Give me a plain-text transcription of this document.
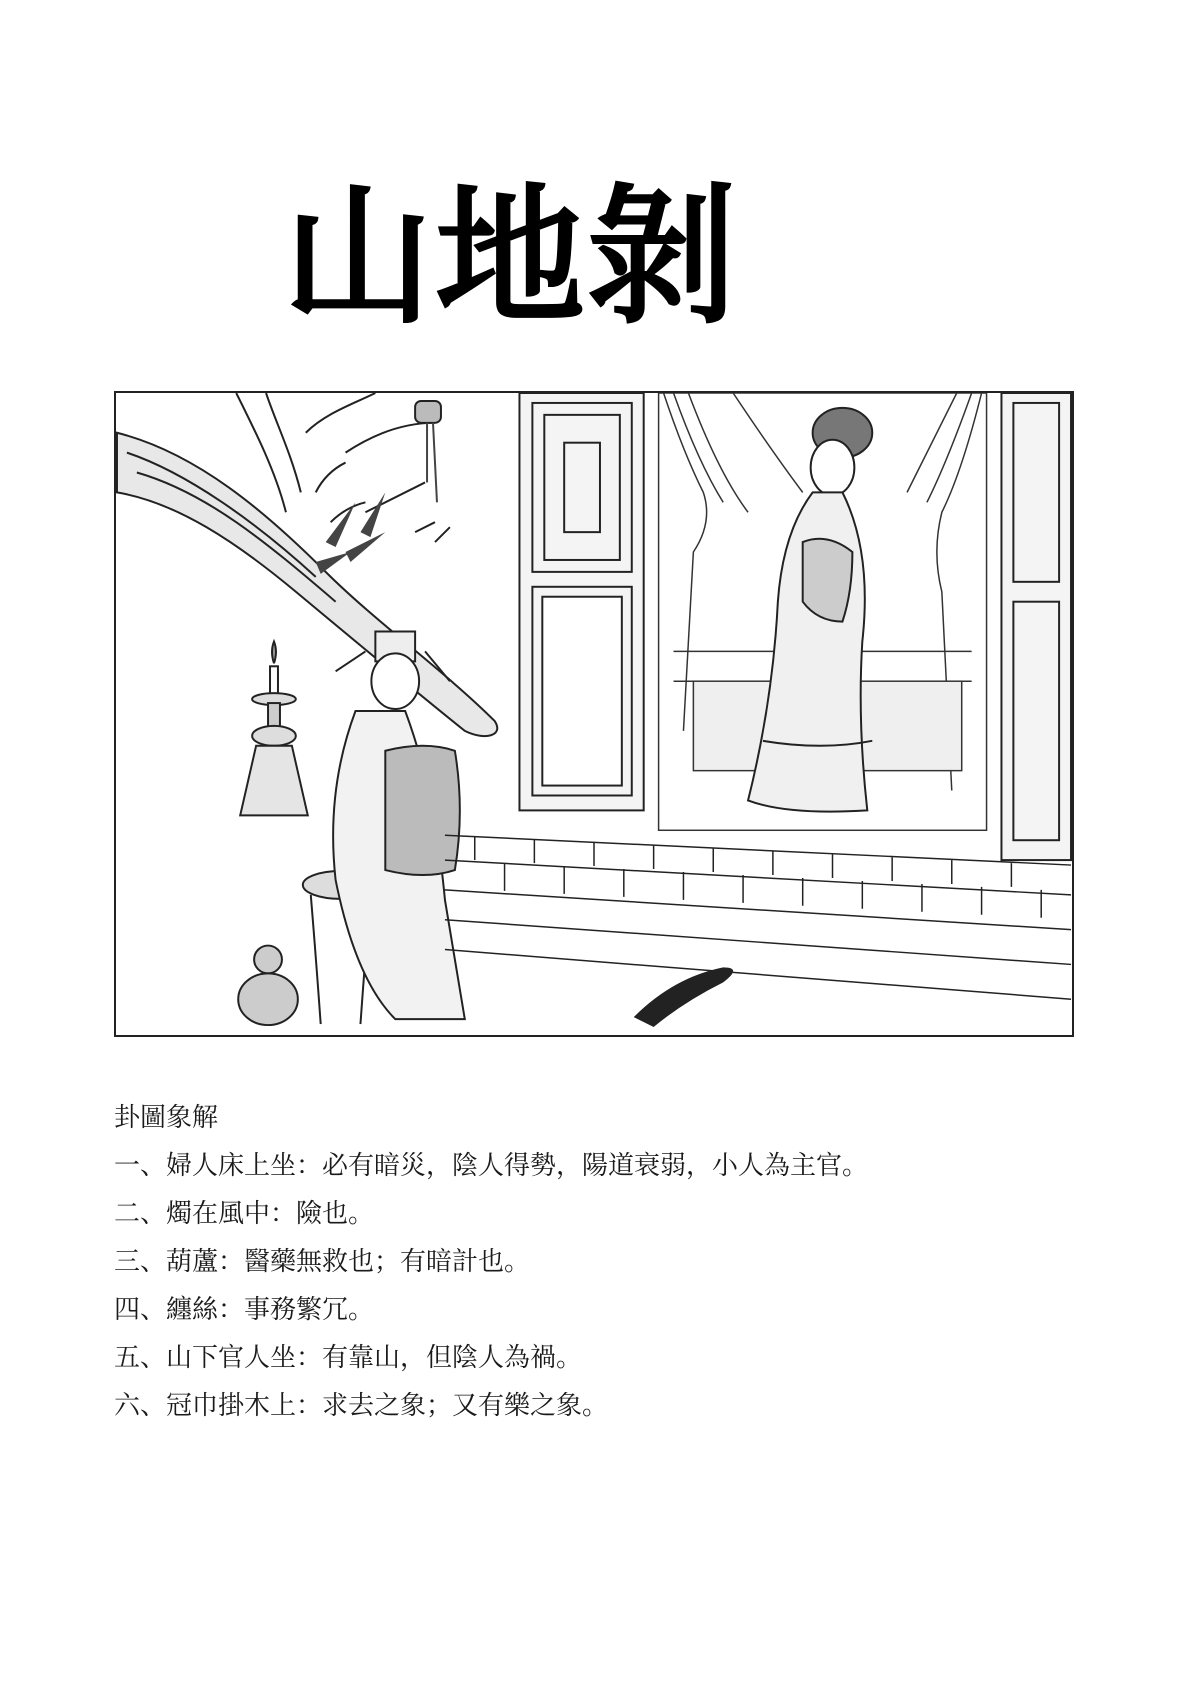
山地剝
卦圖象解
一、婦人床上坐：必有暗災，陰人得勢，陽道衰弱，小人為主官。
二、燭在風中：險也。
三、葫蘆：醫藥無救也；有暗計也。
四、纏絲：事務繁冗。
五、山下官人坐：有靠山，但陰人為禍。
六、冠巾掛木上：求去之象；又有樂之象。
